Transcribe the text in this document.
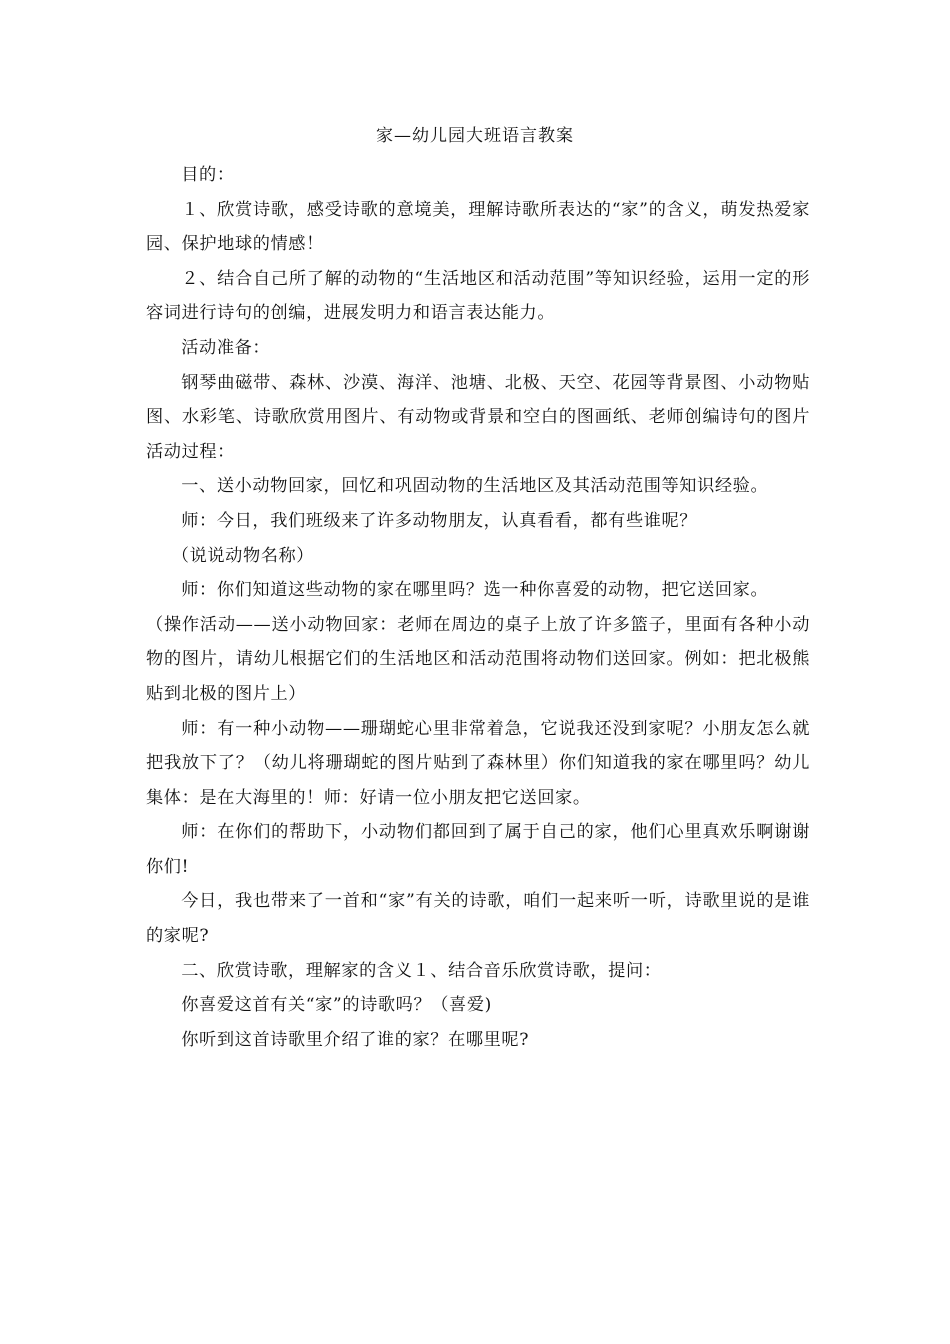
家—幼儿园大班语言教案

目的：

１、欣赏诗歌，感受诗歌的意境美，理解诗歌所表达的“家”的含义，萌发热爱家园、保护地球的情感！

２、结合自己所了解的动物的“生活地区和活动范围”等知识经验，运用一定的形容词进行诗句的创编，进展发明力和语言表达能力。

活动准备：

钢琴曲磁带、森林、沙漠、海洋、池塘、北极、天空、花园等背景图、小动物贴图、水彩笔、诗歌欣赏用图片、有动物或背景和空白的图画纸、老师创编诗句的图片活动过程：

一、送小动物回家，回忆和巩固动物的生活地区及其活动范围等知识经验。

师：今日，我们班级来了许多动物朋友，认真看看，都有些谁呢？

（说说动物名称）

师：你们知道这些动物的家在哪里吗？选一种你喜爱的动物，把它送回家。

（操作活动——送小动物回家：老师在周边的桌子上放了许多篮子，里面有各种小动物的图片，请幼儿根据它们的生活地区和活动范围将动物们送回家。例如：把北极熊贴到北极的图片上）

师：有一种小动物——珊瑚蛇心里非常着急，它说我还没到家呢？小朋友怎么就把我放下了？（幼儿将珊瑚蛇的图片贴到了森林里）你们知道我的家在哪里吗？幼儿集体：是在大海里的！师：好请一位小朋友把它送回家。

师：在你们的帮助下，小动物们都回到了属于自己的家，他们心里真欢乐啊谢谢你们!

今日，我也带来了一首和“家”有关的诗歌，咱们一起来听一听，诗歌里说的是谁的家呢?

二、欣赏诗歌，理解家的含义１、结合音乐欣赏诗歌，提问：

你喜爱这首有关“家”的诗歌吗？（喜爱)

你听到这首诗歌里介绍了谁的家？在哪里呢?
